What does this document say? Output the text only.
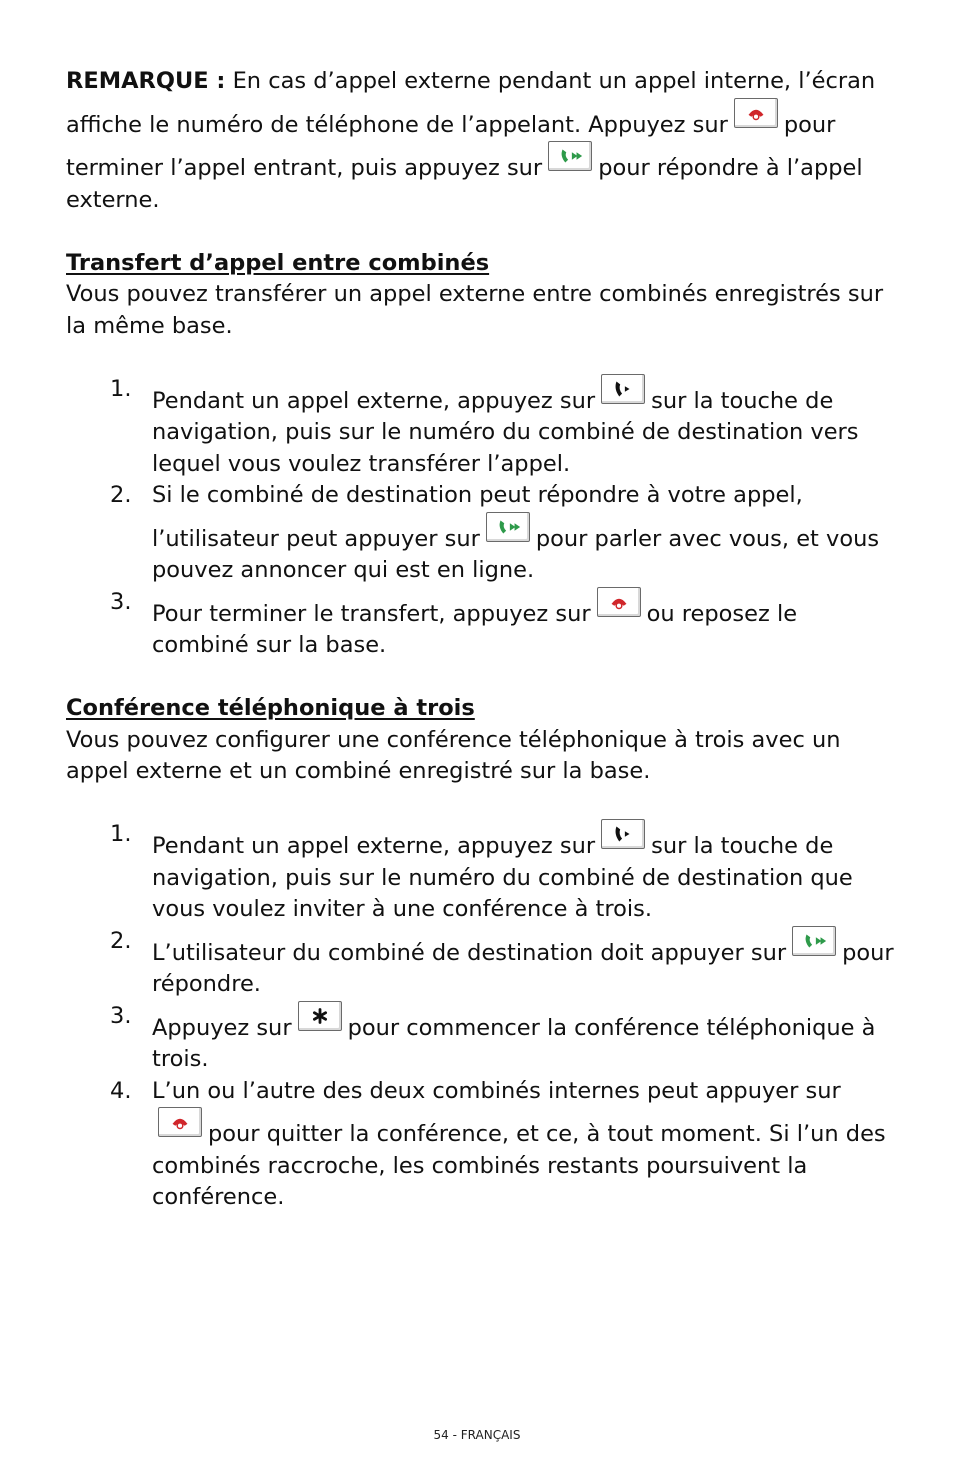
REMARQUE : En cas d’appel externe pendant un appel interne, l’écran affiche le numéro de téléphone de l’appelant. Appuyez sur pour terminer l’appel entrant, puis appuyez sur pour répondre à l’appel externe.

Transfert d’appel entre combinés

Vous pouvez transférer un appel externe entre combinés enregistrés sur la même base.

1. Pendant un appel externe, appuyez sur sur la touche de navigation, puis sur le numéro du combiné de destination vers lequel vous voulez transférer l’appel.
2. Si le combiné de destination peut répondre à votre appel, l’utilisateur peut appuyer sur pour parler avec vous, et vous pouvez annoncer qui est en ligne.
3. Pour terminer le transfert, appuyez sur ou reposez le combiné sur la base.

Conférence téléphonique à trois

Vous pouvez configurer une conférence téléphonique à trois avec un appel externe et un combiné enregistré sur la base.

1. Pendant un appel externe, appuyez sur sur la touche de navigation, puis sur le numéro du combiné de destination que vous voulez inviter à une conférence à trois.
2. L’utilisateur du combiné de destination doit appuyer sur pour répondre.
3. Appuyez sur pour commencer la conférence téléphonique à trois.
4. L’un ou l’autre des deux combinés internes peut appuyer sur
pour quitter la conférence, et ce, à tout moment. Si l’un des combinés raccroche, les combinés restants poursuivent la conférence.
54 - FRANÇAIS
